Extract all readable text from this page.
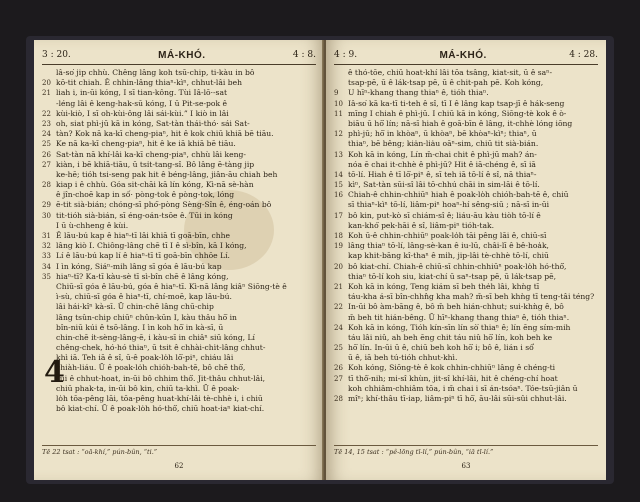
3 : 20.	MÁ-KHÓ.	4 : 8.
lâ-so͘ jip chhù. Chêng lâng koh tsū-chip, ti-kàu in bô
20 kō-tit chiah. Ê chhin-lâng thiaⁿ-kìⁿ, chhut-lâi beh
21 liah i, in-ūi kóng, I sī tian-kông. Tùi Iâ-lō·-sat
-léng lâi ê keng-hak-sū kóng, I ū Pit-se-pok ê
22 kùi-kiò, I sī oh-kùi-ông lâi sái-kùi.” I kiò in lâi
23 oh, siat phì-jū kā in kóng, Sat-tàn thái-thó· sái Sat-
24 tàn? Kok nā ka-kī cheng-piaⁿ, hit ê kok chiū khiā bē tiāu.
25 Ke nā ka-kī cheng-piaⁿ, hit ê ke iā khiā bē tiāu.
26 Sat-tàn nā khí-lâi ka-kī cheng-piaⁿ, chhù lâi keng-
27 kiàn, i bē khiā-tiāu, ū tsi̍t-tang-sî. Bô lâng ē-tàng jip
ke-hē; tióh tsi-seng pak hit ê béng-lâng, jiân-āu chiah beh
28 kiap i ê chhù. Góa sit-chāi kā lín kóng, Kì-nā sè-hàn
ê jîn-choē kap in số· pòng-tok ê pòng-tok, lóng
29 ē-tit sià-bián; chóng-sī phó͘-pòng Sèng-Sîn ê, éng-oán bô
30 tit-tióh sià-bián, sī éng-oán-tsōe ê. Tūi in kóng
I ū ù-chheng ê kùi.
31 Ê lāu-bú kap ê hiaⁿ-tī lâi khiā tī goā-bīn, chhe
32 lâng kiò I. Chiông-lâng chē tī I ê sì-bîn, kā I kóng,
33 Lí ê lāu-bú kap lí ê hiaⁿ-tī tī goā-bīn chhōe Lí.
34 I ìn kóng, Siáⁿ-mih lâng sī góa ê lāu-bú kap
35 hiaⁿ-tī? Ka-tī kàu-sè tī sì-bîn chē ê lâng kóng,
Chiū-sī góa ê lāu-bú, góa ê hiaⁿ-tī. Kì-nā lâng kiâⁿ Siōng-tè ê
ì-sù, chiū-sī góa ê hiaⁿ-tī, chí-moē, kap lāu-bú.
lâi hái-kîⁿ kà-sī. Ū chin-chē lâng chū-chip
lâng tsûn-chip chiūⁿ chûn-kūn I, kàu thâu hō͘ in
bîn-niū kúi ê tsō-lâng. I ìn koh hō͘ in kà-sī, ū
chin-chē i̍t-sèng-lâng-ē, i kàu-sī in chiâⁿ siū kóng, Lí
chêng-chek, hó-hó thiaⁿ, ū tsit ê chhài-chi̍t-lâng chhut-
khì iā. Teh iā ê sî, ū-ê poak-lo̍h lō͘-piⁿ, chiáu lâi
chiàh-liáu. Ū ê poak-lo̍h chióh-bah-tē, bô chē thô͘,
sui ê chhut-hoat, in-ūi bô chhim thô͘. Jit-thâu chhut-lâi,
chiū phak-ta, in-ūi bô kin, chiū ta-khì. Ū ê poak-
lo̍h tōa-pêng lāi, tōa-pêng huat-khí-lâi tè-chhè i, i chiū
bô kiat-chí. Ū ê poak-lo̍h hó-thô͘, chiū hoat-iaⁿ kiat-chí.
4
Tē 22 tsat : “oā-khí,” pún-bûn, “ti.”
62
4 : 9.	MÁ-KHÓ.	4 : 28.
ê thó-tōe, chiū hoat-khí lâi tōa tsâng, kiat-sit, ū ê saⁿ-
tsap-pē, ū ê lák-tsap pē, ū ê chit-pah pē. Koh kóng,
9	U hīⁿ-khang thang thiaⁿ ê, tióh thiaⁿ.
10 Iâ-so͘ kā ka-tī ti-teh ê sî, tī I ê lâng kap tsap-jī ê hák-seng
11 mīng I chiah ê phì-jū. I chiū kā in kóng, Siōng-tè kok ê ò-
biāu ū hō͘ lín; nā-sī hiah ê goā-bīn ê lâng, it-chhè lóng iōng
12 phì-jū; hō͘ in khòaⁿ, ū khòaⁿ, bē khòaⁿ-kìⁿ; thiaⁿ, ū
thiaⁿ, bē bêng; kia̍n-lia̍u oāⁿ-sim, chiū tit sià-bián.
13 Koh kā in kóng, Lín m̄-chai chit ê phì-jū mah? án-
nóa ē chai it-chhè ê phì-jū? Hit ê iā-chéng ê, sī iā
14 tō-lí. Hiah ê tī lō͘-piⁿ ê, sī teh iā tō-lí ê sî, nā thiaⁿ-
15 kìⁿ, Sat-tàn sūi-sî lâi tō-chhú chāi in sim-lāi ê tō-lí.
16 Chiah-ê chhin-chhiūⁿ hiah ê poak-lo̍h chióh-bah-tē ê, chiū
sī thiaⁿ-kìⁿ tō-lí, liâm-piⁿ hoaⁿ-hí sêng-siū ; nā-sī in-ūi
17 bô kin, put-kò sī chiám-sî ê; liáu-āu kàu tiòh tō-lí ê
kan-khó͘ pek-hāi ê sî, liâm-piⁿ tióh-tak.
18 Koh ū-ê chhin-chhiūⁿ poak-lo̍h tāi pêng lāi ê, chiū-sī
19 lâng thiaⁿ tō-lí, lâng-sè-kan ê iu-lū, châi-lī ê bê-hoa̍k,
kap khit-bāng kî-thaⁿ ê mi̍h, jip-lâi tè-chhè tō-lí, chiū
20 bô kiat-chí. Chiah-ê chiū-sī chhin-chhiūⁿ poak-lo̍h hó-thô͘,
thiaⁿ tō-lí koh siu, kiat-chí ū saⁿ-tsap pē, ū lák-tsap pē,
21 Koh kā in kóng, Teng kiám sī beh the̍h lâi, khǹg tī
táu-kha á-sī bîn-chhn̂g kha mah? m̄-sī beh khǹg tī teng-tâi téng?
22 In-ūi bô àm-bāng ê, bô m̄ beh hián-chhut; sui-khǹg ê, bô
m̄ beh tit hián-bêng. Ū hīⁿ-khang thang thiaⁿ ê, tióh thiaⁿ.
24 Koh kā in kóng, Tióh kín-sīn lín sò͘ thiaⁿ ê; lín ēng sím-mih
táu lâi niû, ah beh ēng chit táu niû hō͘ lín, koh beh ke
25 hō͘ lín. In-ūi ū ê, chiū beh koh hō͘ i; bô ê, lián i số͘
ū ê, iā beh tú-tióh chhut-khì.
26 Koh kóng, Siōng-tè ê kok chhin-chhiūⁿ lâng ê chéng-ti
27 tī thô͘-nih; mi-sî khùn, jit-sî khí-lâi, hit ê chéng-chí hoat
koh chhiâm-chhiâm tōa, i m̄ chai i sī án-tsóaⁿ. Tóe-tsū-jiân ū
28 mîⁿ; khí-thâu tī-iap, liâm-piⁿ tī hō͘, āu-lâi sūi-sûi chhut-lâi.
Tē 14, 15 tsat : “pê-lōng tī-lí,” pún-bûn, “iā tī-lí.”
63
